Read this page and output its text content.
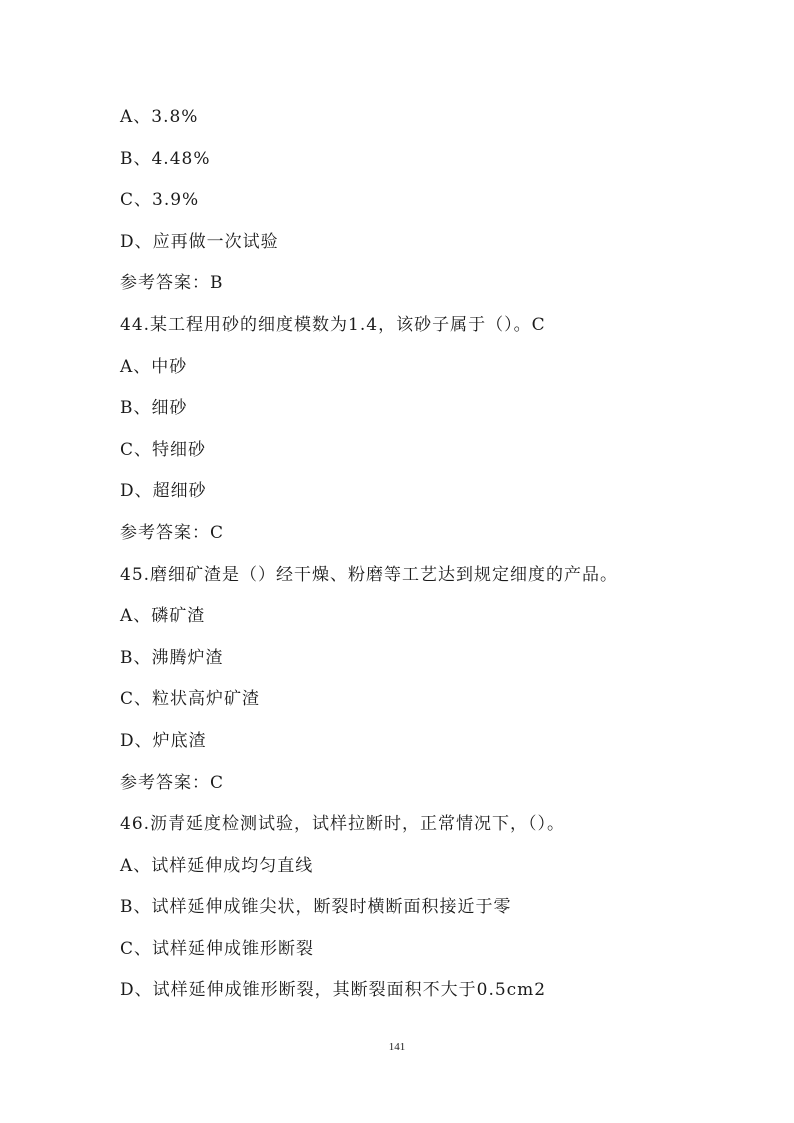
A、3.8%
B、4.48%
C、3.9%
D、应再做一次试验
参考答案：B
44.某工程用砂的细度模数为1.4，该砂子属于（）。C
A、中砂
B、细砂
C、特细砂
D、超细砂
参考答案：C
45.磨细矿渣是（）经干燥、粉磨等工艺达到规定细度的产品。
A、磷矿渣
B、沸腾炉渣
C、粒状高炉矿渣
D、炉底渣
参考答案：C
46.沥青延度检测试验，试样拉断时，正常情况下，（）。
A、试样延伸成均匀直线
B、试样延伸成锥尖状，断裂时横断面积接近于零
C、试样延伸成锥形断裂
D、试样延伸成锥形断裂，其断裂面积不大于0.5cm2
141
